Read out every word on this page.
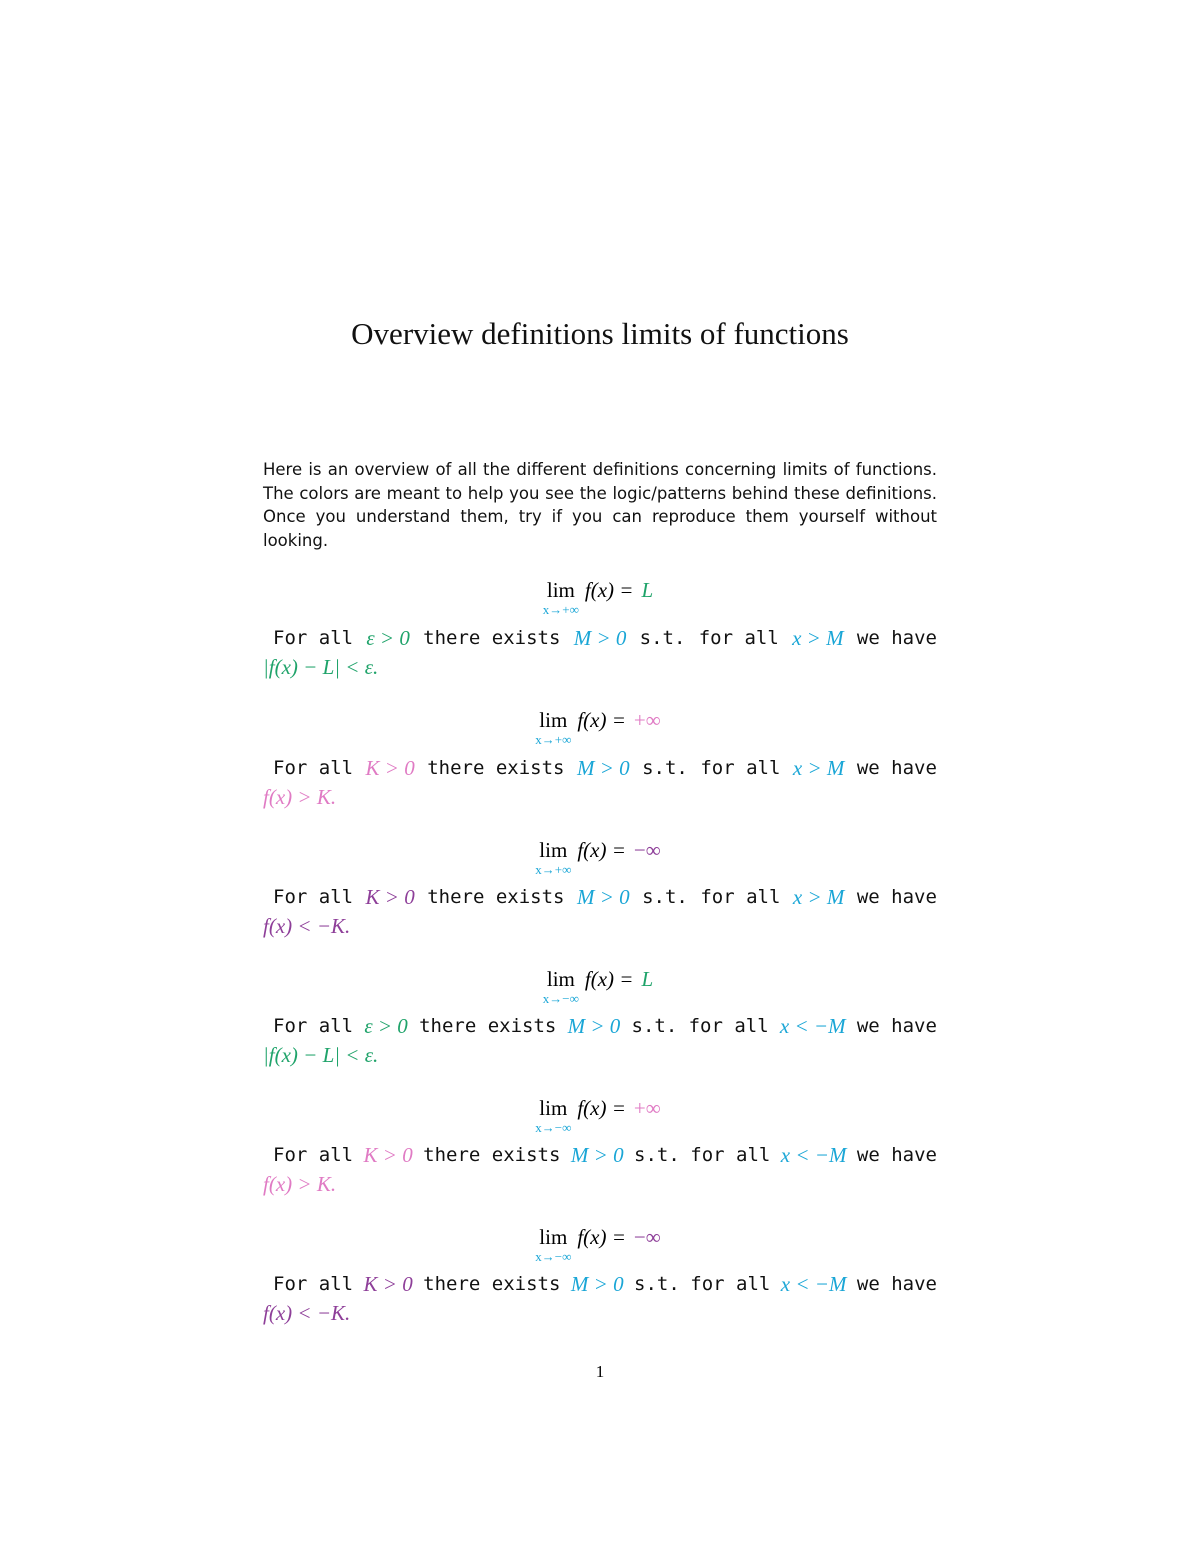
Overview definitions limits of functions

Here is an overview of all the different definitions concerning limits of functions. The colors are meant to help you see the logic/patterns behind these definitions. Once you understand them, try if you can reproduce them yourself without looking.

lim
x→+∞
f(x) = L
For all ε > 0 there exists M > 0 s.t. for all x > M we have
|f(x) − L| < ε.
lim
x→+∞
f(x) = +∞
For all K > 0 there exists M > 0 s.t. for all x > M we have
f(x) > K.
lim
x→+∞
f(x) = −∞
For all K > 0 there exists M > 0 s.t. for all x > M we have
f(x) < −K.
lim
x→−∞
f(x) = L
For all ε > 0 there exists M > 0 s.t. for all x < −M we have
|f(x) − L| < ε.
lim
x→−∞
f(x) = +∞
For all K > 0 there exists M > 0 s.t. for all x < −M we have
f(x) > K.
lim
x→−∞
f(x) = −∞
For all K > 0 there exists M > 0 s.t. for all x < −M we have
f(x) < −K.
1
